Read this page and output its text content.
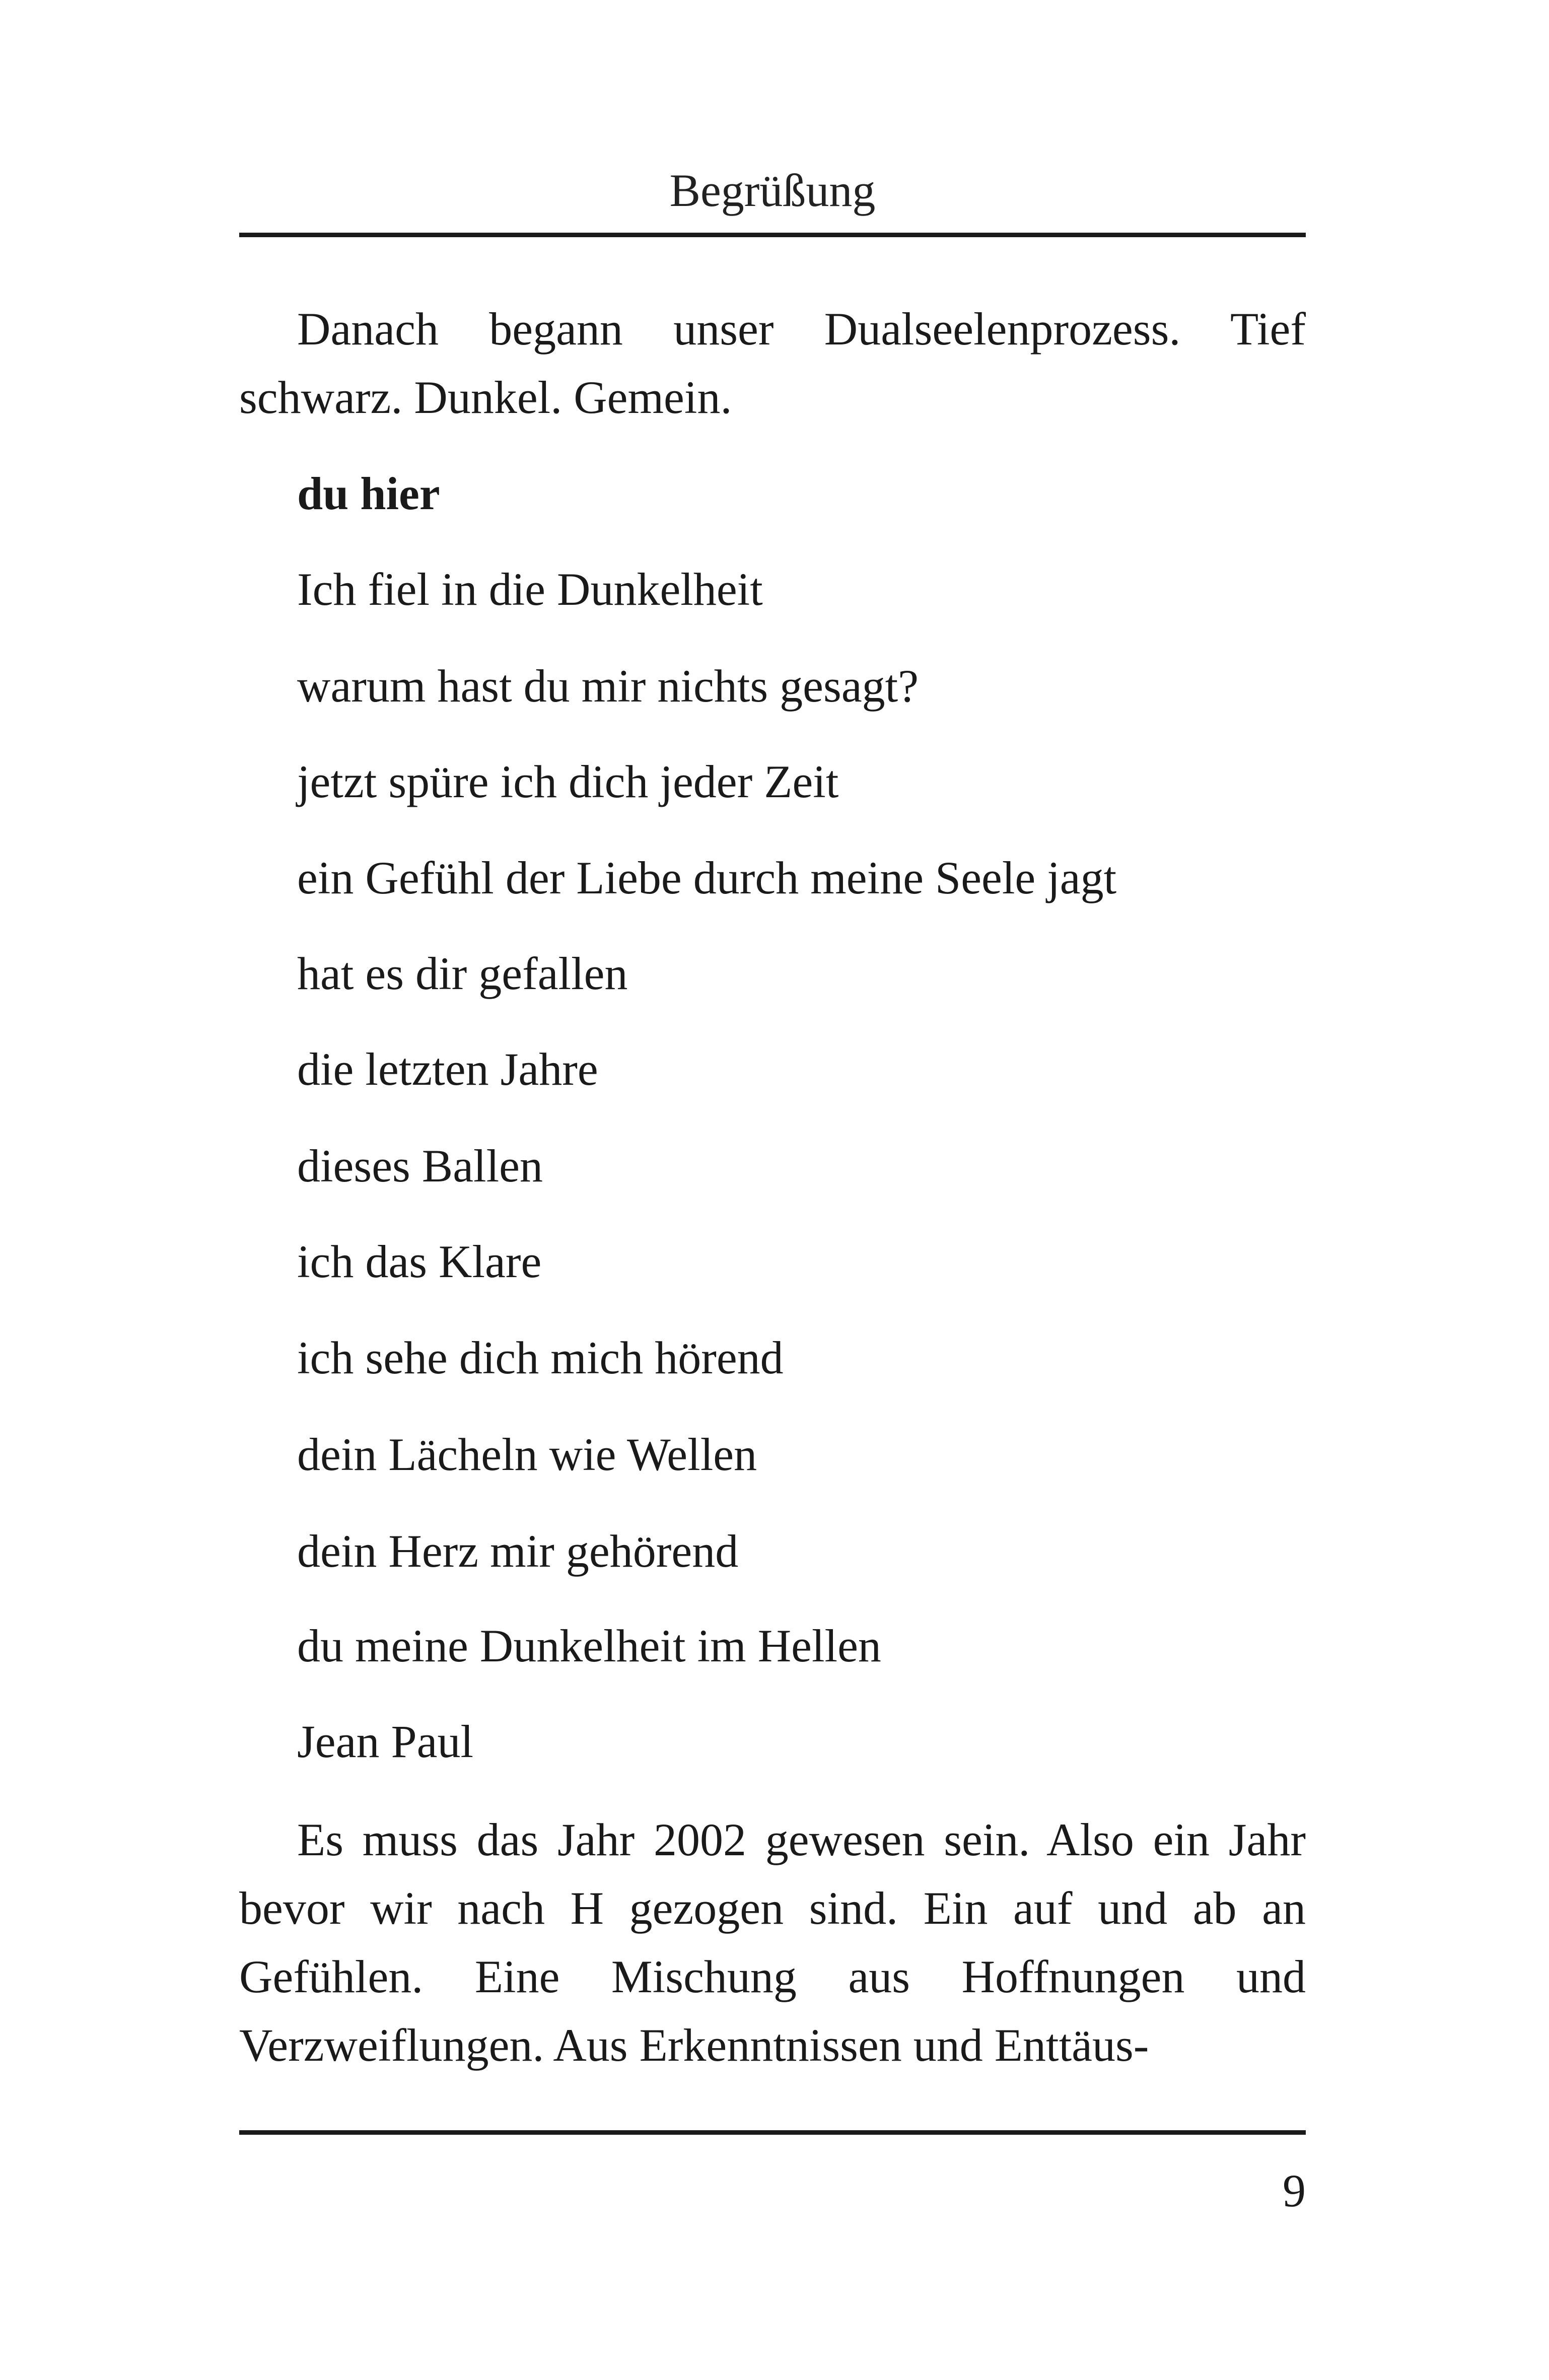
Begrüßung

Danach begann unser Dualseelenprozess. Tief schwarz. Dunkel. Gemein.

du hier
Ich fiel in die Dunkelheit
warum hast du mir nichts gesagt?
jetzt spüre ich dich jeder Zeit
ein Gefühl der Liebe durch meine Seele jagt
hat es dir gefallen
die letzten Jahre
dieses Ballen
ich das Klare
ich sehe dich mich hörend
dein Lächeln wie Wellen
dein Herz mir gehörend
du meine Dunkelheit im Hellen
Jean Paul

Es muss das Jahr 2002 gewesen sein. Also ein Jahr bevor wir nach H gezogen sind. Ein auf und ab an Gefühlen. Eine Mischung aus Hoffnungen und Verzweiflungen. Aus Erkenntnissen und Enttäus-

9
